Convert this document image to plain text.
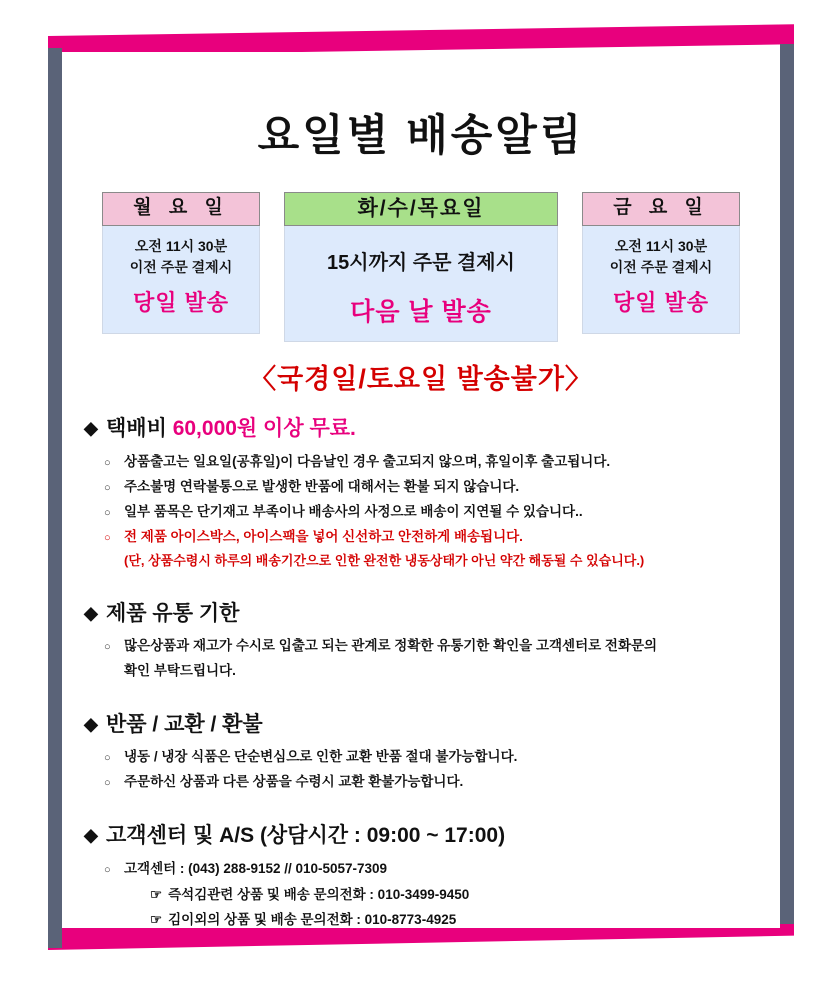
요일별 배송알림
월 요 일
오전 11시 30분
이전 주문 결제시
당일 발송
화/수/목요일
15시까지 주문 결제시
다음 날 발송
금 요 일
오전 11시 30분
이전 주문 결제시
당일 발송
〈국경일/토요일 발송불가〉
◆ 택배비 60,000원 이상 무료.
○ 상품출고는 일요일(공휴일)이 다음날인 경우 출고되지 않으며, 휴일이후 출고됩니다.
○ 주소불명 연락불통으로 발생한 반품에 대해서는 환불 되지 않습니다.
○ 일부 품목은 단기재고 부족이나 배송사의 사정으로 배송이 지연될 수 있습니다..
○ 전 제품 아이스박스, 아이스팩을 넣어 신선하고 안전하게 배송됩니다.
(단, 상품수령시 하루의 배송기간으로 인한 완전한 냉동상태가 아닌 약간 해동될 수 있습니다.)
◆ 제품 유통 기한
○ 많은상품과 재고가 수시로 입출고 되는 관계로 정확한 유통기한 확인을 고객센터로 전화문의
확인 부탁드립니다.
◆ 반품 / 교환 / 환불
○ 냉동 / 냉장 식품은 단순변심으로 인한 교환 반품 절대 불가능합니다.
○ 주문하신 상품과 다른 상품을 수령시 교환 환불가능합니다.
◆ 고객센터 및 A/S (상담시간 : 09:00 ~ 17:00)
○ 고객센터 : (043) 288-9152 // 010-5057-7309
☞ 즉석김관련 상품 및 배송 문의전화 : 010-3499-9450
☞ 김이외의 상품 및 배송 문의전화 : 010-8773-4925
